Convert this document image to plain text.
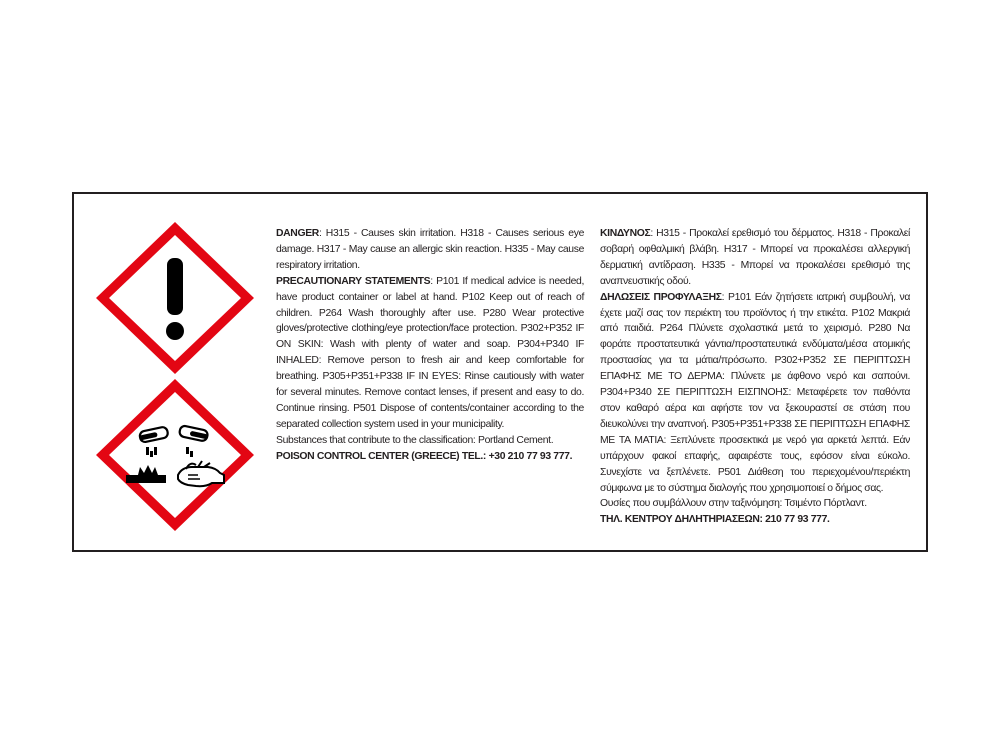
DANGER: H315 - Causes skin irritation. H318 - Causes serious eye damage. H317 - May cause an allergic skin reaction. H335 - May cause respiratory irritation.

PRECAUTIONARY STATEMENTS: P101 If medical advice is needed, have product container or label at hand. P102 Keep out of reach of children. P264 Wash thoroughly after use. P280 Wear protective gloves/protective clothing/eye protection/face protection. P302+P352 IF ON SKIN: Wash with plenty of water and soap. P304+P340 IF INHALED: Remove person to fresh air and keep comfortable for breathing. P305+P351+P338 IF IN EYES: Rinse cautiously with water for several minutes. Remove contact lenses, if present and easy to do. Continue rinsing. P501 Dispose of contents/container according to the separated collection system used in your municipality.

Substances that contribute to the classification: Portland Cement.

POISON CONTROL CENTER (GREECE) TEL.: +30 210 77 93 777.

ΚΙΝΔΥΝΟΣ: H315 - Προκαλεί ερεθισμό του δέρματος. H318 - Προκαλεί σοβαρή οφθαλμική βλάβη. H317 - Μπορεί να προκαλέσει αλλεργική δερματική αντίδραση. H335 - Μπορεί να προκαλέσει ερεθισμό της αναπνευστικής οδού.

ΔΗΛΩΣΕΙΣ ΠΡΟΦΥΛΑΞΗΣ: P101 Εάν ζητήσετε ιατρική συμβουλή, να έχετε μαζί σας τον περιέκτη του προϊόντος ή την ετικέτα. P102 Μακριά από παιδιά. P264 Πλύνετε σχολαστικά μετά το χειρισμό. P280 Να φοράτε προστατευτικά γάντια/προστατευτικά ενδύματα/μέσα ατομικής προστασίας για τα μάτια/πρόσωπο. P302+P352 ΣΕ ΠΕΡΙΠΤΩΣΗ ΕΠΑΦΗΣ ΜΕ ΤΟ ΔΕΡΜΑ: Πλύνετε με άφθονο νερό και σαπούνι. P304+P340 ΣΕ ΠΕΡΙΠΤΩΣΗ ΕΙΣΠΝΟΗΣ: Μεταφέρετε τον παθόντα στον καθαρό αέρα και αφήστε τον να ξεκουραστεί σε στάση που διευκολύνει την αναπνοή. P305+P351+P338 ΣΕ ΠΕΡΙΠΤΩΣΗ ΕΠΑΦΗΣ ΜΕ ΤΑ ΜΑΤΙΑ: Ξεπλύνετε προσεκτικά με νερό για αρκετά λεπτά. Εάν υπάρχουν φακοί επαφής, αφαιρέστε τους, εφόσον είναι εύκολο. Συνεχίστε να ξεπλένετε. P501 Διάθεση του περιεχομένου/περιέκτη σύμφωνα με το σύστημα διαλογής που χρησιμοποιεί ο δήμος σας.

Ουσίες που συμβάλλουν στην ταξινόμηση: Τσιμέντο Πόρτλαντ.

ΤΗΛ. ΚΕΝΤΡΟΥ ΔΗΛΗΤΗΡΙΑΣΕΩΝ: 210 77 93 777.
